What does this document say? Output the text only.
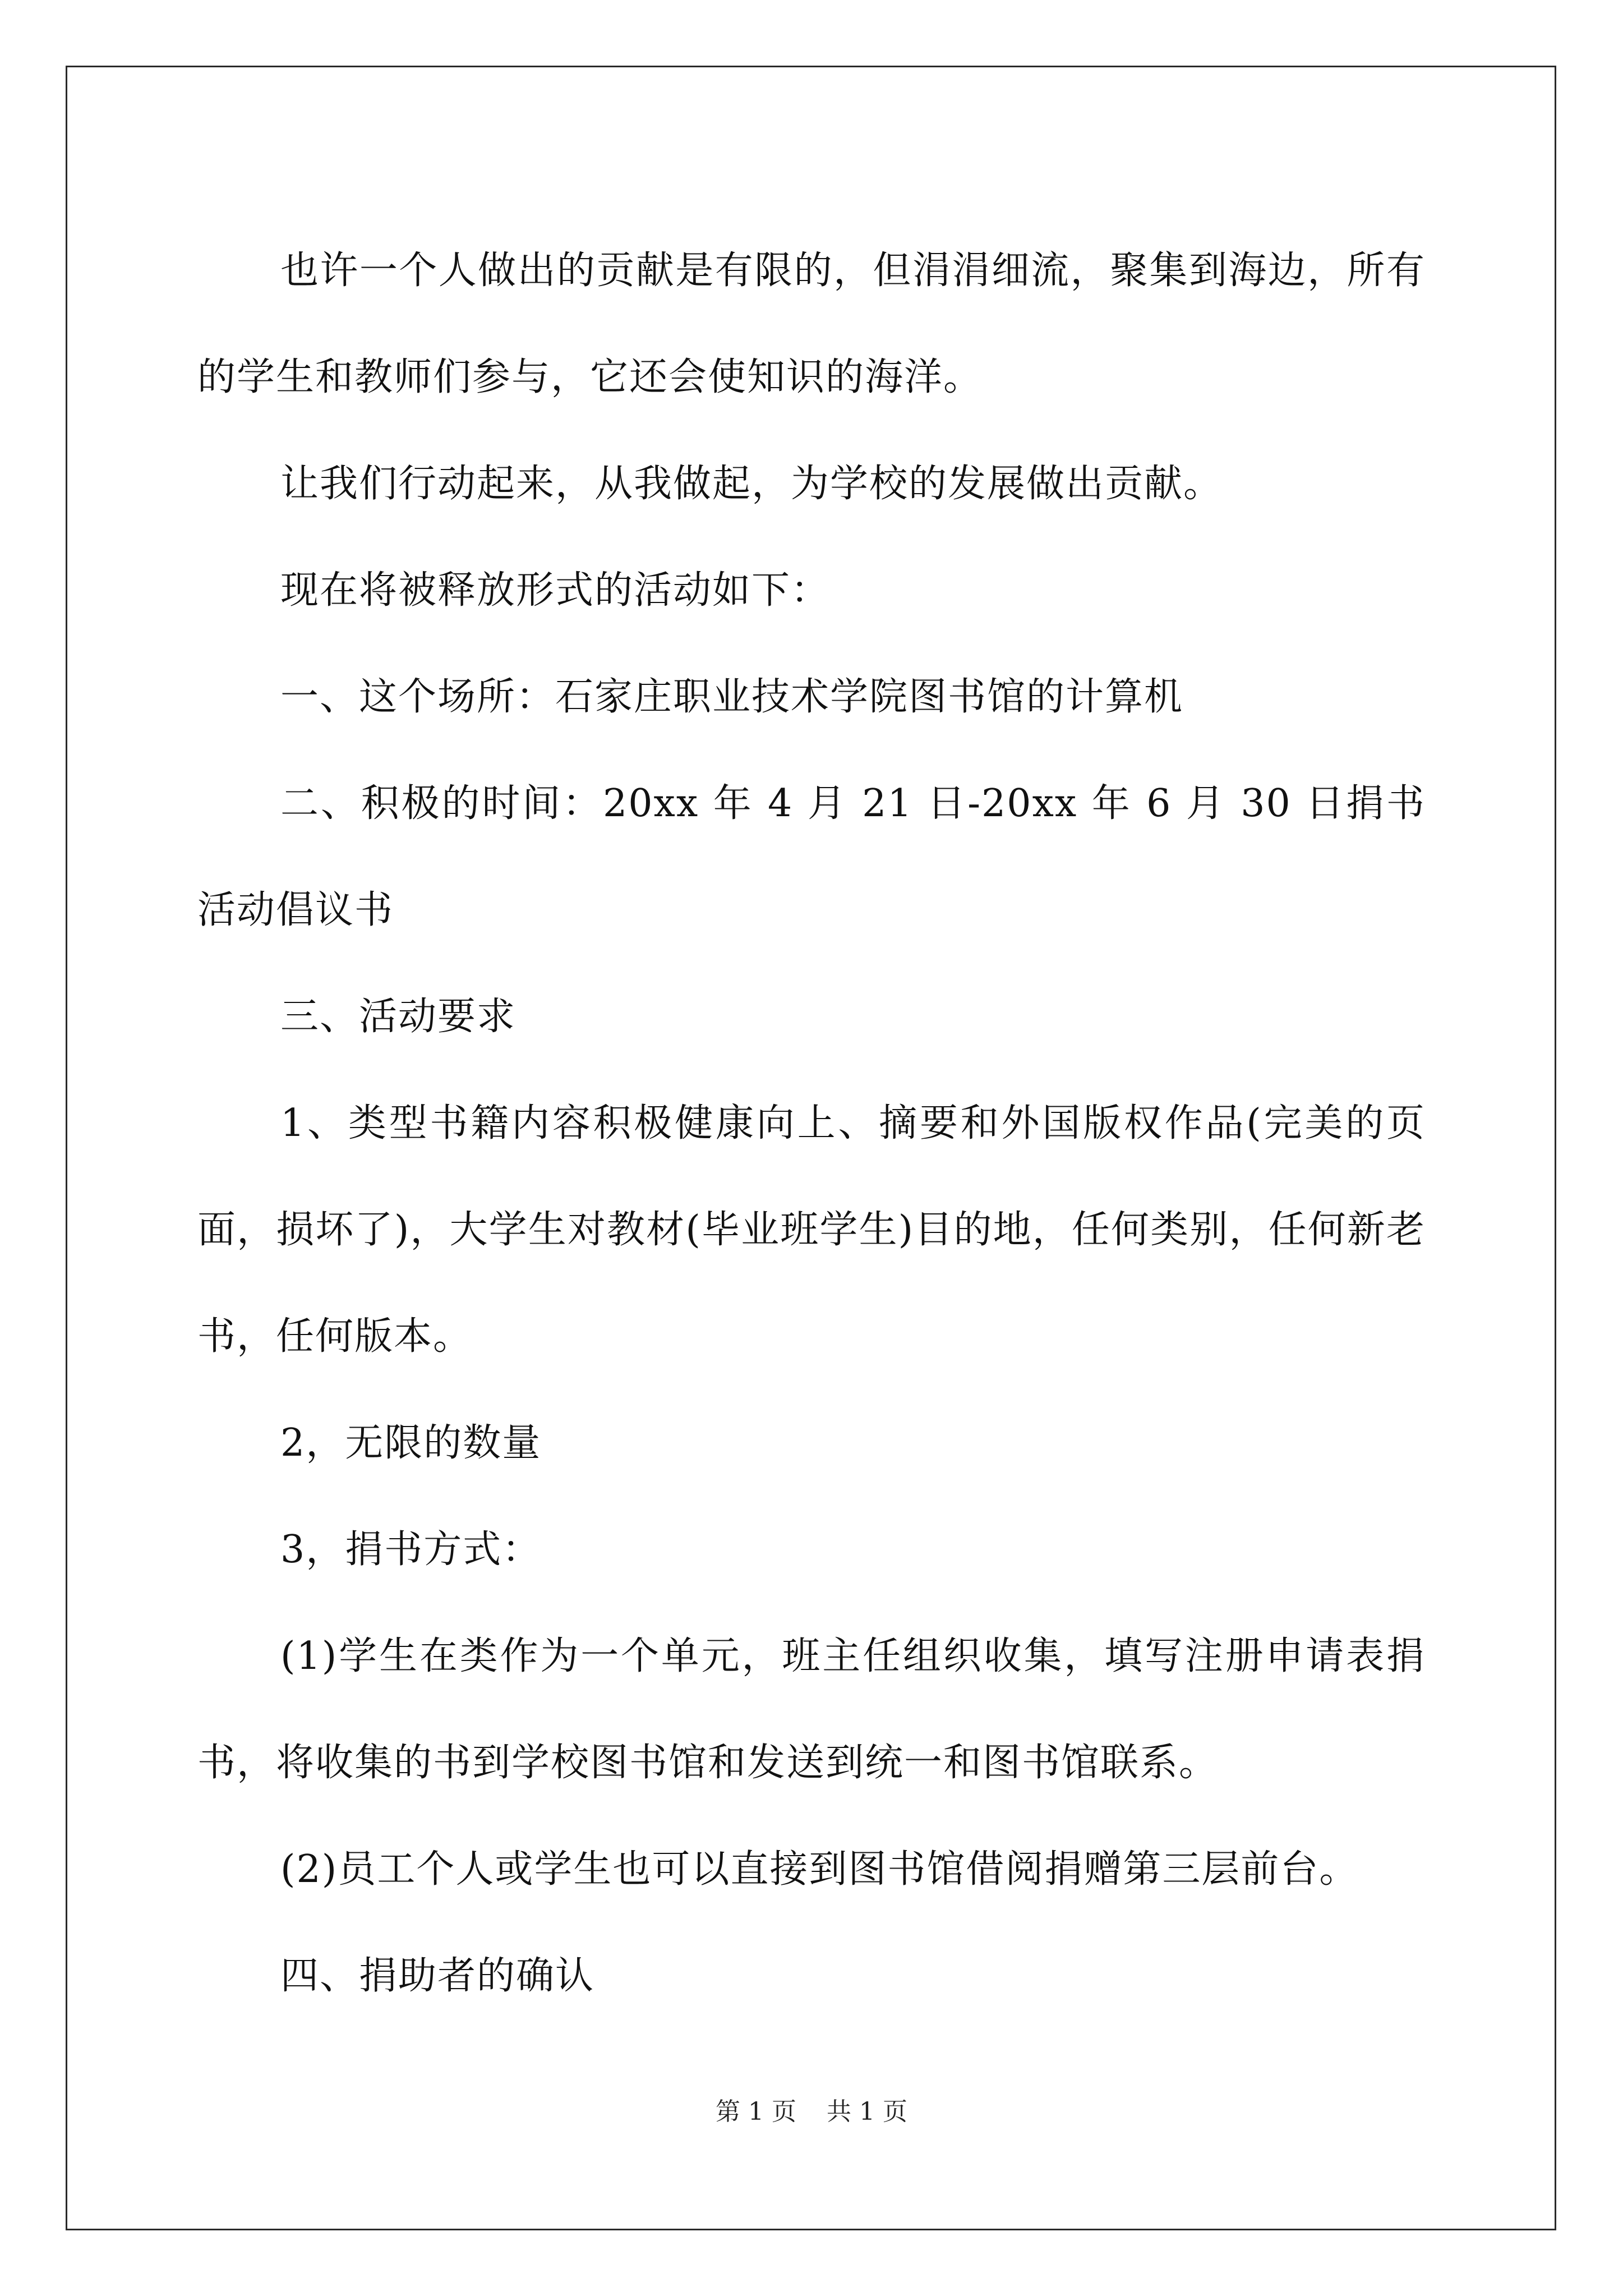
也许一个人做出的贡献是有限的，但涓涓细流，聚集到海边，所有的学生和教师们参与，它还会使知识的海洋。

让我们行动起来，从我做起，为学校的发展做出贡献。

现在将被释放形式的活动如下：

一、这个场所：石家庄职业技术学院图书馆的计算机

二、积极的时间：20xx 年 4 月 21 日-20xx 年 6 月 30 日捐书活动倡议书

三、活动要求

1、类型书籍内容积极健康向上、摘要和外国版权作品(完美的页面，损坏了)，大学生对教材(毕业班学生)目的地，任何类别，任何新老书，任何版本。

2，无限的数量

3，捐书方式：

(1)学生在类作为一个单元，班主任组织收集，填写注册申请表捐书，将收集的书到学校图书馆和发送到统一和图书馆联系。

(2)员工个人或学生也可以直接到图书馆借阅捐赠第三层前台。

四、捐助者的确认

第 1 页 共 1 页
